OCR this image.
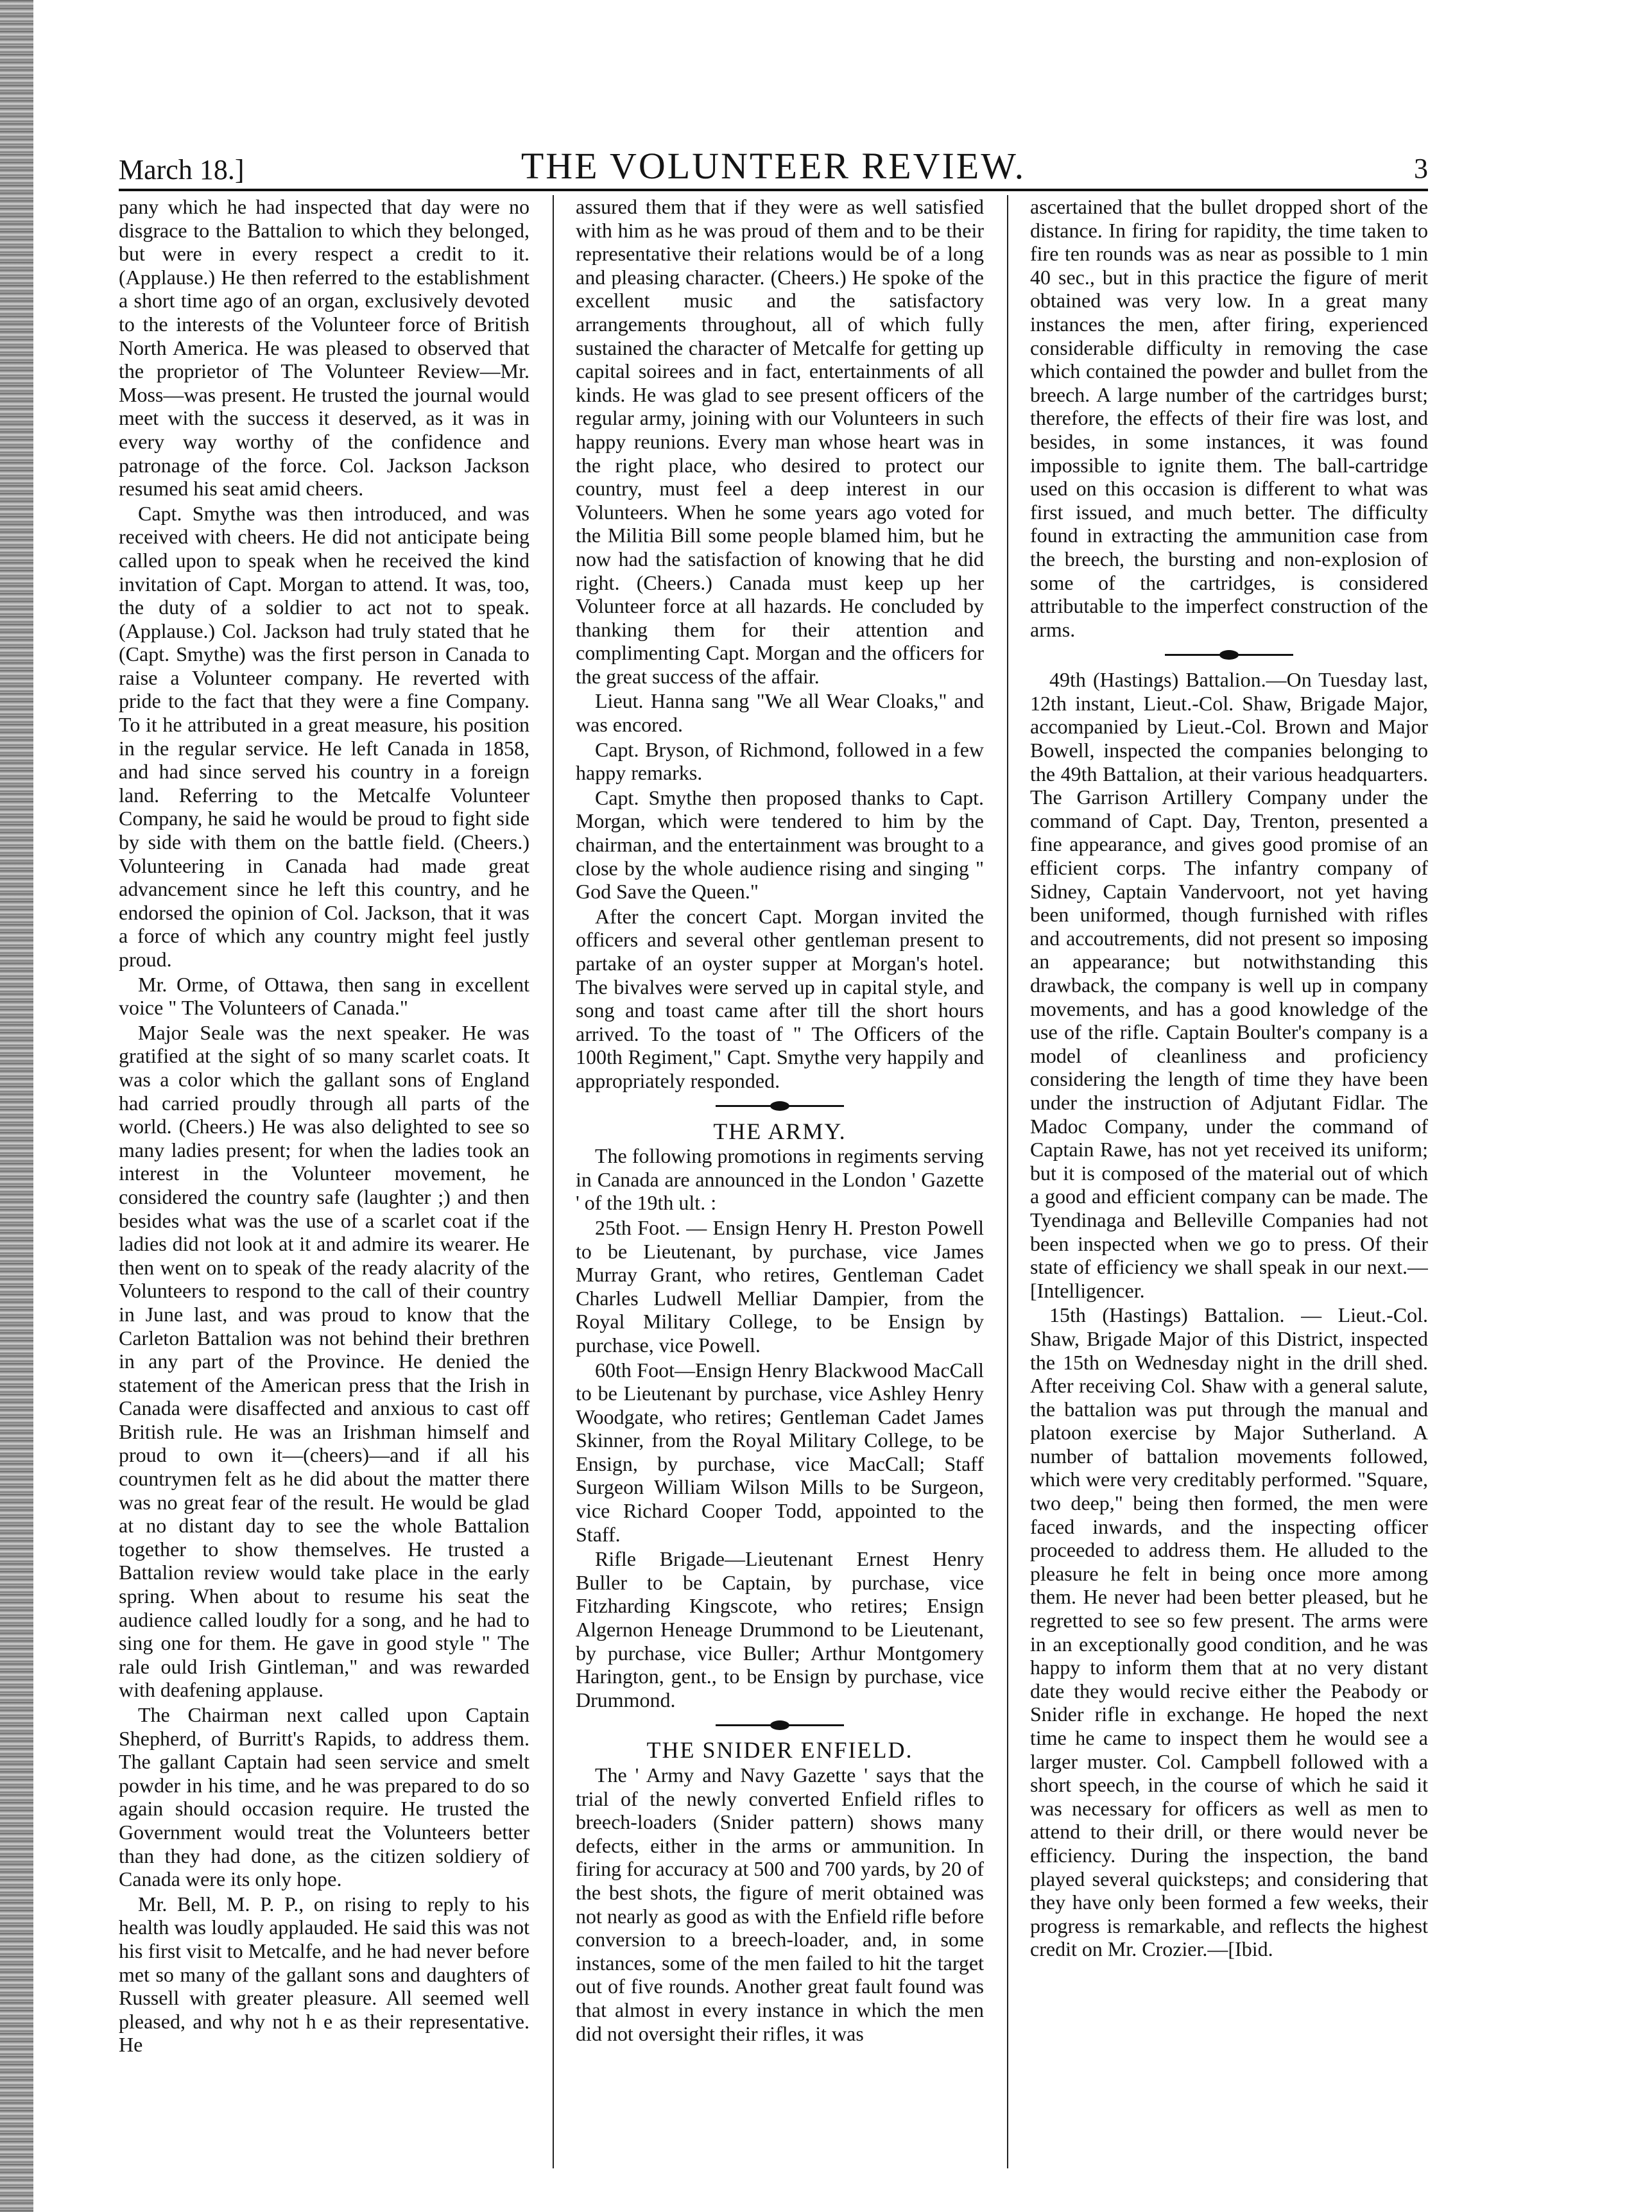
March 18.]	THE VOLUNTEER REVIEW.	3

pany which he had inspected that day were no disgrace to the Battalion to which they belonged, but were in every respect a credit to it. (Applause.) He then referred to the establishment a short time ago of an organ, exclusively devoted to the interests of the Volunteer force of British North America. He was pleased to observed that the proprietor of The Volunteer Review—Mr. Moss—was present. He trusted the journal would meet with the success it deserved, as it was in every way worthy of the confidence and patronage of the force. Col. Jackson Jackson resumed his seat amid cheers.

Capt. Smythe was then introduced, and was received with cheers. He did not anticipate being called upon to speak when he received the kind invitation of Capt. Morgan to attend. It was, too, the duty of a soldier to act not to speak. (Applause.) Col. Jackson had truly stated that he (Capt. Smythe) was the first person in Canada to raise a Volunteer company. He reverted with pride to the fact that they were a fine Company. To it he attributed in a great measure, his position in the regular service. He left Canada in 1858, and had since served his country in a foreign land. Referring to the Metcalfe Volunteer Company, he said he would be proud to fight side by side with them on the battle field. (Cheers.) Volunteering in Canada had made great advancement since he left this country, and he endorsed the opinion of Col. Jackson, that it was a force of which any country might feel justly proud.

Mr. Orme, of Ottawa, then sang in excellent voice " The Volunteers of Canada."

Major Seale was the next speaker. He was gratified at the sight of so many scarlet coats. It was a color which the gallant sons of England had carried proudly through all parts of the world. (Cheers.) He was also delighted to see so many ladies present; for when the ladies took an interest in the Volunteer movement, he considered the country safe (laughter ;) and then besides what was the use of a scarlet coat if the ladies did not look at it and admire its wearer. He then went on to speak of the ready alacrity of the Volunteers to respond to the call of their country in June last, and was proud to know that the Carleton Battalion was not behind their brethren in any part of the Province. He denied the statement of the American press that the Irish in Canada were disaffected and anxious to cast off British rule. He was an Irishman himself and proud to own it—(cheers)—and if all his countrymen felt as he did about the matter there was no great fear of the result. He would be glad at no distant day to see the whole Battalion together to show themselves. He trusted a Battalion review would take place in the early spring. When about to resume his seat the audience called loudly for a song, and he had to sing one for them. He gave in good style " The rale ould Irish Gintleman," and was rewarded with deafening applause.

The Chairman next called upon Captain Shepherd, of Burritt's Rapids, to address them. The gallant Captain had seen service and smelt powder in his time, and he was prepared to do so again should occasion require. He trusted the Government would treat the Volunteers better than they had done, as the citizen soldiery of Canada were its only hope.

Mr. Bell, M. P. P., on rising to reply to his health was loudly applauded. He said this was not his first visit to Metcalfe, and he had never before met so many of the gallant sons and daughters of Russell with greater pleasure. All seemed well pleased, and why not h e as their representative. He

assured them that if they were as well satisfied with him as he was proud of them and to be their representative their relations would be of a long and pleasing character. (Cheers.) He spoke of the excellent music and the satisfactory arrangements throughout, all of which fully sustained the character of Metcalfe for getting up capital soirees and in fact, entertainments of all kinds. He was glad to see present officers of the regular army, joining with our Volunteers in such happy reunions. Every man whose heart was in the right place, who desired to protect our country, must feel a deep interest in our Volunteers. When he some years ago voted for the Militia Bill some people blamed him, but he now had the satisfaction of knowing that he did right. (Cheers.) Canada must keep up her Volunteer force at all hazards. He concluded by thanking them for their attention and complimenting Capt. Morgan and the officers for the great success of the affair.

Lieut. Hanna sang "We all Wear Cloaks," and was encored.

Capt. Bryson, of Richmond, followed in a few happy remarks.

Capt. Smythe then proposed thanks to Capt. Morgan, which were tendered to him by the chairman, and the entertainment was brought to a close by the whole audience rising and singing " God Save the Queen."

After the concert Capt. Morgan invited the officers and several other gentleman present to partake of an oyster supper at Morgan's hotel. The bivalves were served up in capital style, and song and toast came after till the short hours arrived. To the toast of " The Officers of the 100th Regiment," Capt. Smythe very happily and appropriately responded.

THE ARMY.

The following promotions in regiments serving in Canada are announced in the London ' Gazette ' of the 19th ult. :

25th Foot. — Ensign Henry H. Preston Powell to be Lieutenant, by purchase, vice James Murray Grant, who retires, Gentleman Cadet Charles Ludwell Melliar Dampier, from the Royal Military College, to be Ensign by purchase, vice Powell.

60th Foot—Ensign Henry Blackwood MacCall to be Lieutenant by purchase, vice Ashley Henry Woodgate, who retires; Gentleman Cadet James Skinner, from the Royal Military College, to be Ensign, by purchase, vice MacCall; Staff Surgeon William Wilson Mills to be Surgeon, vice Richard Cooper Todd, appointed to the Staff.

Rifle Brigade—Lieutenant Ernest Henry Buller to be Captain, by purchase, vice Fitzharding Kingscote, who retires; Ensign Algernon Heneage Drummond to be Lieutenant, by purchase, vice Buller; Arthur Montgomery Harington, gent., to be Ensign by purchase, vice Drummond.

THE SNIDER ENFIELD.

The ' Army and Navy Gazette ' says that the trial of the newly converted Enfield rifles to breech-loaders (Snider pattern) shows many defects, either in the arms or ammunition. In firing for accuracy at 500 and 700 yards, by 20 of the best shots, the figure of merit obtained was not nearly as good as with the Enfield rifle before conversion to a breech-loader, and, in some instances, some of the men failed to hit the target out of five rounds. Another great fault found was that almost in every instance in which the men did not oversight their rifles, it was

ascertained that the bullet dropped short of the distance. In firing for rapidity, the time taken to fire ten rounds was as near as possible to 1 min 40 sec., but in this practice the figure of merit obtained was very low. In a great many instances the men, after firing, experienced considerable difficulty in removing the case which contained the powder and bullet from the breech. A large number of the cartridges burst; therefore, the effects of their fire was lost, and besides, in some instances, it was found impossible to ignite them. The ball-cartridge used on this occasion is different to what was first issued, and much better. The difficulty found in extracting the ammunition case from the breech, the bursting and non-explosion of some of the cartridges, is considered attributable to the imperfect construction of the arms.

49th (Hastings) Battalion.—On Tuesday last, 12th instant, Lieut.-Col. Shaw, Brigade Major, accompanied by Lieut.-Col. Brown and Major Bowell, inspected the companies belonging to the 49th Battalion, at their various headquarters. The Garrison Artillery Company under the command of Capt. Day, Trenton, presented a fine appearance, and gives good promise of an efficient corps. The infantry company of Sidney, Captain Vandervoort, not yet having been uniformed, though furnished with rifles and accoutrements, did not present so imposing an appearance; but notwithstanding this drawback, the company is well up in company movements, and has a good knowledge of the use of the rifle. Captain Boulter's company is a model of cleanliness and proficiency considering the length of time they have been under the instruction of Adjutant Fidlar. The Madoc Company, under the command of Captain Rawe, has not yet received its uniform; but it is composed of the material out of which a good and efficient company can be made. The Tyendinaga and Belleville Companies had not been inspected when we go to press. Of their state of efficiency we shall speak in our next.—[Intelligencer.

15th (Hastings) Battalion. — Lieut.-Col. Shaw, Brigade Major of this District, inspected the 15th on Wednesday night in the drill shed. After receiving Col. Shaw with a general salute, the battalion was put through the manual and platoon exercise by Major Sutherland. A number of battalion movements followed, which were very creditably performed. "Square, two deep," being then formed, the men were faced inwards, and the inspecting officer proceeded to address them. He alluded to the pleasure he felt in being once more among them. He never had been better pleased, but he regretted to see so few present. The arms were in an exceptionally good condition, and he was happy to inform them that at no very distant date they would recive either the Peabody or Snider rifle in exchange. He hoped the next time he came to inspect them he would see a larger muster. Col. Campbell followed with a short speech, in the course of which he said it was necessary for officers as well as men to attend to their drill, or there would never be efficiency. During the inspection, the band played several quicksteps; and considering that they have only been formed a few weeks, their progress is remarkable, and reflects the highest credit on Mr. Crozier.—[Ibid.
